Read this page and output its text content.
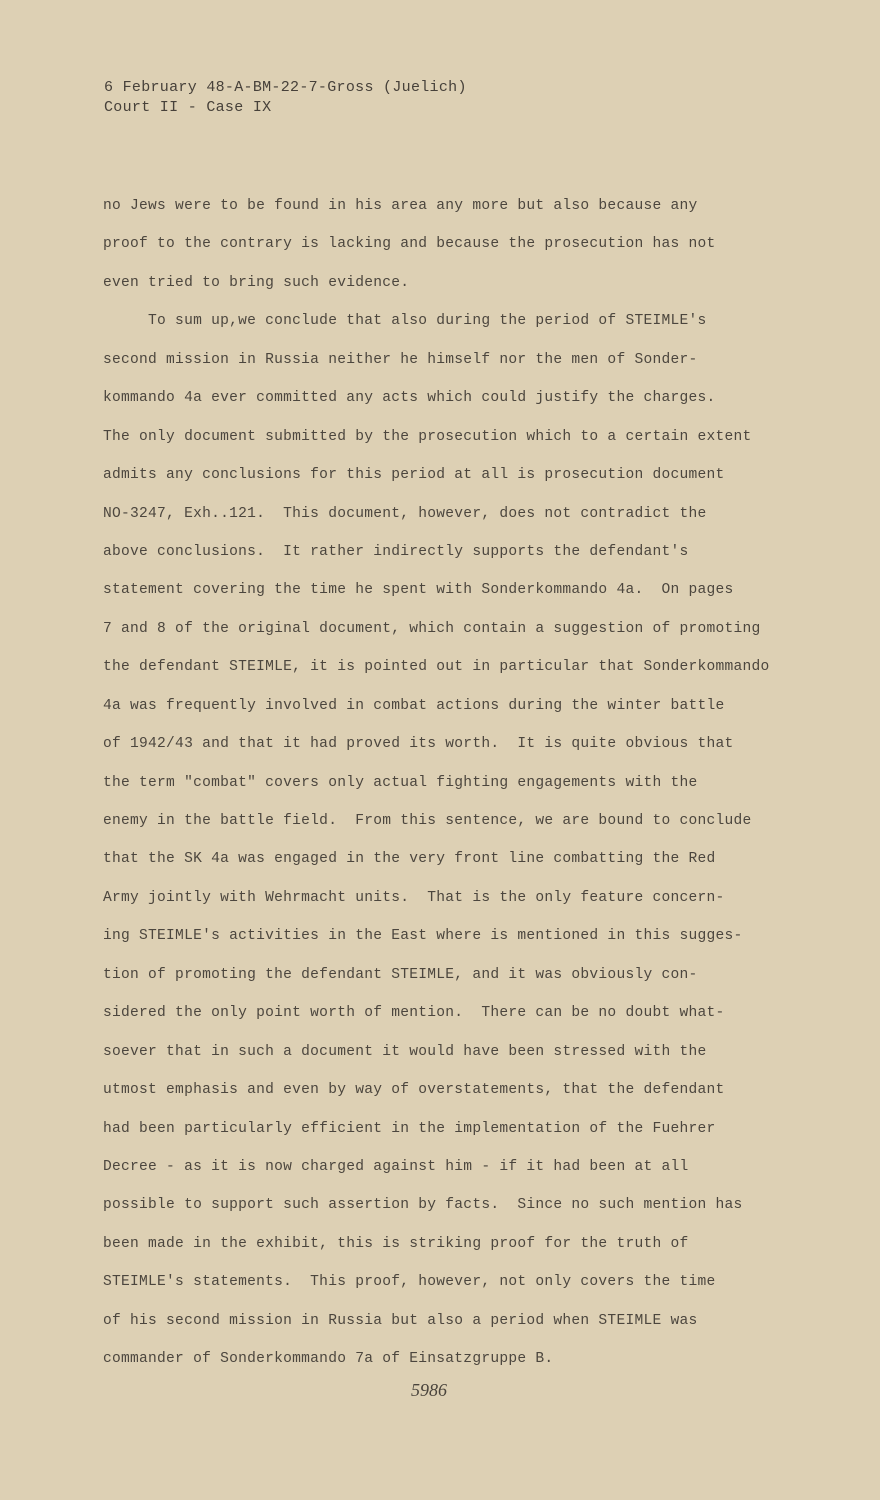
6 February 48-A-BM-22-7-Gross (Juelich)
Court II - Case IX
no Jews were to be found in his area any more but also because any
proof to the contrary is lacking and because the prosecution has not
even tried to bring such evidence.
To sum up,we conclude that also during the period of STEIMLE's
second mission in Russia neither he himself nor the men of Sonder-
kommando 4a ever committed any acts which could justify the charges.
The only document submitted by the prosecution which to a certain extent
admits any conclusions for this period at all is prosecution document
NO-3247, Exh..121.  This document, however, does not contradict the
above conclusions.  It rather indirectly supports the defendant's
statement covering the time he spent with Sonderkommando 4a.  On pages
7 and 8 of the original document, which contain a suggestion of promoting
the defendant STEIMLE, it is pointed out in particular that Sonderkommando
4a was frequently involved in combat actions during the winter battle
of 1942/43 and that it had proved its worth.  It is quite obvious that
the term "combat" covers only actual fighting engagements with the
enemy in the battle field.  From this sentence, we are bound to conclude
that the SK 4a was engaged in the very front line combatting the Red
Army jointly with Wehrmacht units.  That is the only feature concern-
ing STEIMLE's activities in the East where is mentioned in this sugges-
tion of promoting the defendant STEIMLE, and it was obviously con-
sidered the only point worth of mention.  There can be no doubt what-
soever that in such a document it would have been stressed with the
utmost emphasis and even by way of overstatements, that the defendant
had been particularly efficient in the implementation of the Fuehrer
Decree - as it is now charged against him - if it had been at all
possible to support such assertion by facts.  Since no such mention has
been made in the exhibit, this is striking proof for the truth of
STEIMLE's statements.  This proof, however, not only covers the time
of his second mission in Russia but also a period when STEIMLE was
commander of Sonderkommando 7a of Einsatzgruppe B.
5986
